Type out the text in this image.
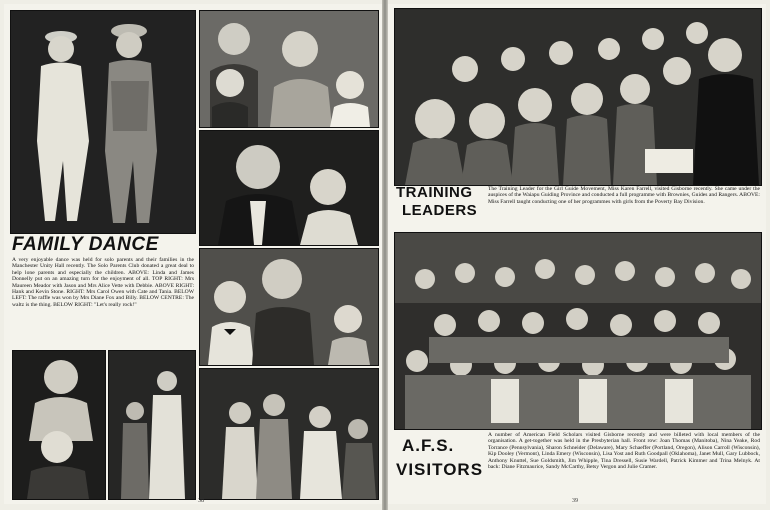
FAMILY DANCE
A very enjoyable dance was held for solo parents and their families in the Manchester Unity Hall recently. The Solo Parents Club donated a great deal to help lone parents and especially the children. ABOVE: Linda and James Donnelly put on an amazing turn for the enjoyment of all. TOP RIGHT: Mrs Maureen Meador with Jason and Mrs Alice Vette with Debbie. ABOVE RIGHT: Hank and Kevin Stone. RIGHT: Mrs Carol Owen with Cate and Tania. BELOW LEFT: The raffle was won by Mrs Diane Fox and Billy. BELOW CENTRE: The waltz is the thing. BELOW RIGHT: "Let's really rock!"
38
TRAINING
LEADERS
The Training Leader for the Girl Guide Movement, Miss Karen Farrell, visited Gisborne recently. She came under the auspices of the Waiapu Guiding Province and conducted a full programme with Brownies, Guides and Rangers. ABOVE: Miss Farrell taught conducting one of her programmes with girls from the Poverty Bay Division.
A.F.S.
VISITORS
A number of American Field Scholars visited Gisborne recently and were billeted with local members of the organisation. A get-together was held in the Presbyterian hall. Front row: Joan Thomas (Manitoba), Nina Yeake, Rod Torrance (Pennsylvania), Sharon Schneider (Delaware), Mary Schaeffer (Portland, Oregon), Alison Carroll (Wisconsin), Kip Dooley (Vermont), Linda Emery (Wisconsin), Lisa Yost and Ruth Goodpall (Oklahoma), Janet Mull, Gary Lubbock, Anthony Knuttel, Sue Goldsmith, Jim Whipple, Tina Dressell, Susie Wardell, Patrick Kimmer and Trina Melnyk. At back: Diane Fitzmaurice, Sandy McCarthy, Betsy Vergon and Julie Cramer.
39
